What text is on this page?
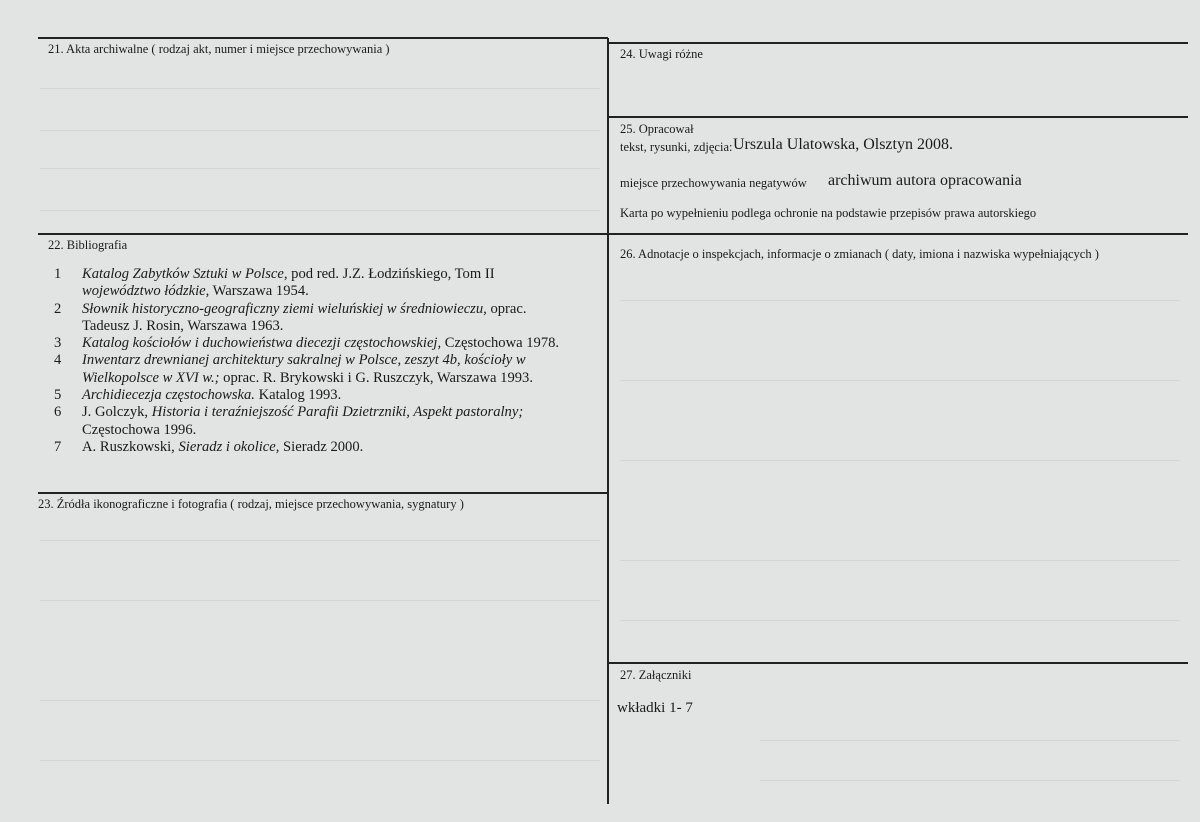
21. Akta archiwalne ( rodzaj akt, numer i miejsce przechowywania )	24. Uwagi różne
25. Opracował
tekst, rysunki, zdjęcia: Urszula Ulatowska, Olsztyn 2008.
miejsce przechowywania negatywów archiwum autora opracowania
Karta po wypełnieniu podlega ochronie na podstawie przepisów prawa autorskiego
22. Bibliografia
26. Adnotacje o inspekcjach, informacje o zmianach ( daty, imiona i nazwiska wypełniających )
1	Katalog Zabytków Sztuki w Polsce, pod red. J.Z. Łodzińskiego, Tom II
województwo łódzkie, Warszawa 1954.
2	Słownik historyczno-geograficzny ziemi wieluńskiej w średniowieczu, oprac.
Tadeusz J. Rosin, Warszawa 1963.
3	Katalog kościołów i duchowieństwa diecezji częstochowskiej, Częstochowa 1978.
4	Inwentarz drewnianej architektury sakralnej w Polsce, zeszyt 4b, kościoły w
Wielkopolsce w XVI w.; oprac. R. Brykowski i G. Ruszczyk, Warszawa 1993.
5	Archidiecezja częstochowska. Katalog 1993.
6	J. Golczyk, Historia i teraźniejszość Parafii Dzietrzniki, Aspekt pastoralny;
Częstochowa 1996.
7	A. Ruszkowski, Sieradz i okolice, Sieradz 2000.
23. Źródła ikonograficzne i fotografia ( rodzaj, miejsce przechowywania, sygnatury )
27. Załączniki
wkładki 1- 7
